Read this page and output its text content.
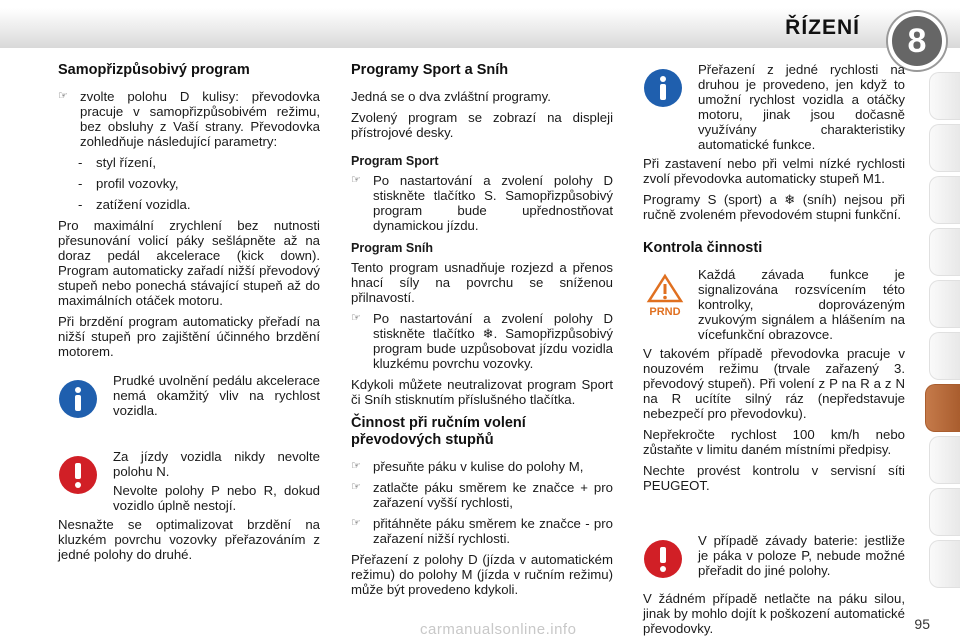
ŘÍZENÍ	8
Samopřizpůsobivý program
☞ zvolte polohu D kulisy: převodovka pracuje v samopřizpůsobivém režimu, bez obsluhy z Vaší strany. Převodovka zohledňuje následující parametry:
- styl řízení,
- profil vozovky,
- zatížení vozidla.

Pro maximální zrychlení bez nutnosti přesunování volicí páky sešlápněte až na doraz pedál akcelerace (kick down). Program automaticky zařadí nižší převodový stupeň nebo ponechá stávající stupeň až do maximálních otáček motoru.

Při brzdění program automaticky přeřadí na nižší stupeň pro zajištění účinného brzdění motorem.

Prudké uvolnění pedálu akcelerace nemá okamžitý vliv na rychlost vozidla.

Za jízdy vozidla nikdy nevolte polohu N.

Nevolte polohy P nebo R, dokud vozidlo úplně nestojí.

Nesnažte se optimalizovat brzdění na kluzkém povrchu vozovky přeřazováním z jedné polohy do druhé.

Programy Sport a Sníh

Jedná se o dva zvláštní programy.

Zvolený program se zobrazí na displeji přístrojové desky.

Program Sport
☞ Po nastartování a zvolení polohy D stiskněte tlačítko S. Samopřizpůsobivý program bude upřednostňovat dynamickou jízdu.
Program Sníh

Tento program usnadňuje rozjezd a přenos hnací síly na povrchu se sníženou přilnavostí.

☞ Po nastartování a zvolení polohy D stiskněte tlačítko ❄. Samopřizpůsobivý program bude uzpůsobovat jízdu vozidla kluzkému povrchu vozovky.

Kdykoli můžete neutralizovat program Sport či Sníh stisknutím příslušného tlačítka.

Činnost při ručním volení převodových stupňů
☞ přesuňte páku v kulise do polohy M,
☞ zatlačte páku směrem ke značce + pro zařazení vyšší rychlosti,
☞ přitáhněte páku směrem ke značce - pro zařazení nižší rychlosti.

Přeřazení z polohy D (jízda v automatickém režimu) do polohy M (jízda v ručním režimu) může být provedeno kdykoli.

Přeřazení z jedné rychlosti na druhou je provedeno, jen když to umožní rychlost vozidla a otáčky motoru, jinak jsou dočasně využívány charakteristiky automatické funkce.

Při zastavení nebo při velmi nízké rychlosti zvolí převodovka automaticky stupeň M1.

Programy S (sport) a ❄ (sníh) nejsou při ručně zvoleném převodovém stupni funkční.

Kontrola činnosti
PRND

Každá závada funkce je signalizována rozsvícením této kontrolky, doprovázeným zvukovým signálem a hlášením na vícefunkční obrazovce.

V takovém případě převodovka pracuje v nouzovém režimu (trvale zařazený 3. převodový stupeň). Při volení z P na R a z N na R ucítíte silný ráz (nepředstavuje nebezpečí pro převodovku).

Nepřekročte rychlost 100 km/h nebo zůstaňte v limitu daném místními předpisy.

Nechte provést kontrolu v servisní síti PEUGEOT.

V případě závady baterie: jestliže je páka v poloze P, nebude možné přeřadit do jiné polohy.

V žádném případě netlačte na páku silou, jinak by mohlo dojít k poškození automatické převodovky.

carmanualsonline.info	95
